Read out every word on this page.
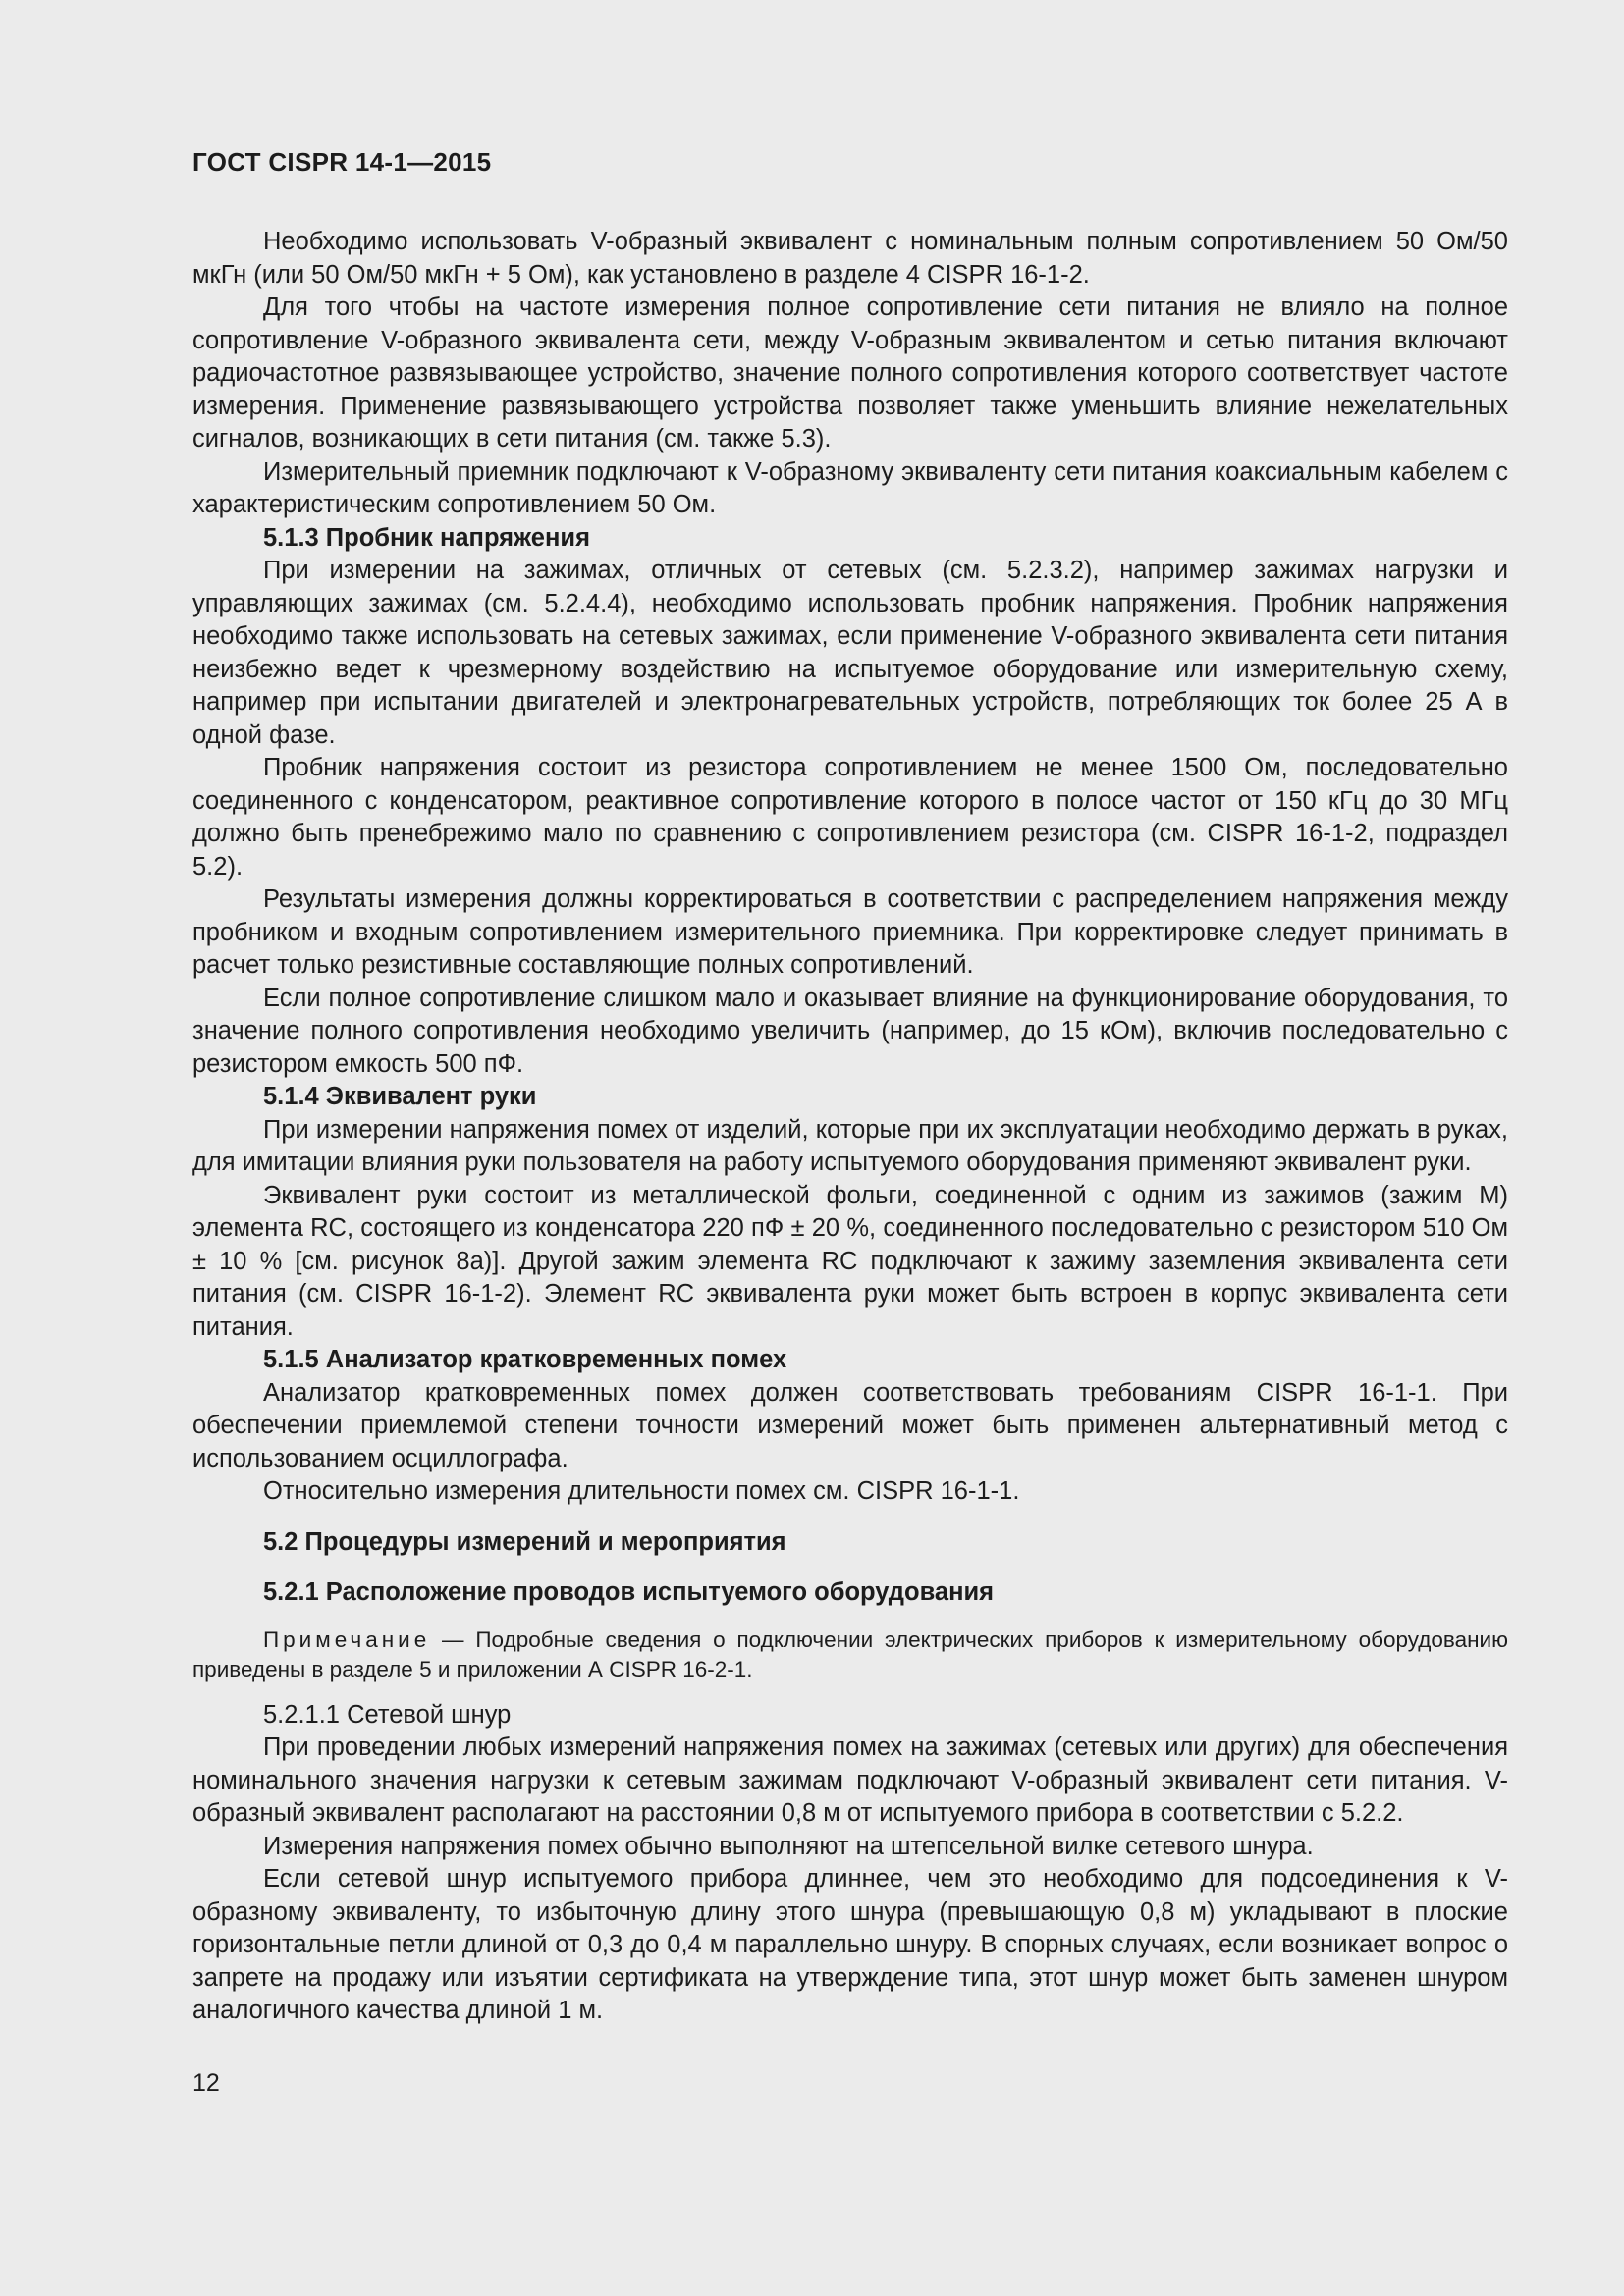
ГОСТ CISPR 14-1—2015

Необходимо использовать V-образный эквивалент с номинальным полным сопротивлением 50 Ом/50 мкГн (или 50 Ом/50 мкГн + 5 Ом), как установлено в разделе 4 CISPR 16-1-2.

Для того чтобы на частоте измерения полное сопротивление сети питания не влияло на полное сопротивление V-образного эквивалента сети, между V-образным эквивалентом и сетью питания включают радиочастотное развязывающее устройство, значение полного сопротивления которого соответствует частоте измерения. Применение развязывающего устройства позволяет также уменьшить влияние нежелательных сигналов, возникающих в сети питания (см. также 5.3).

Измерительный приемник подключают к V-образному эквиваленту сети питания коаксиальным кабелем с характеристическим сопротивлением 50 Ом.

5.1.3 Пробник напряжения

При измерении на зажимах, отличных от сетевых (см. 5.2.3.2), например зажимах нагрузки и управляющих зажимах (см. 5.2.4.4), необходимо использовать пробник напряжения. Пробник напряжения необходимо также использовать на сетевых зажимах, если применение V-образного эквивалента сети питания неизбежно ведет к чрезмерному воздействию на испытуемое оборудование или измерительную схему, например при испытании двигателей и электронагревательных устройств, потребляющих ток более 25 А в одной фазе.

Пробник напряжения состоит из резистора сопротивлением не менее 1500 Ом, последовательно соединенного с конденсатором, реактивное сопротивление которого в полосе частот от 150 кГц до 30 МГц должно быть пренебрежимо мало по сравнению с сопротивлением резистора (см. CISPR 16-1-2, подраздел 5.2).

Результаты измерения должны корректироваться в соответствии с распределением напряжения между пробником и входным сопротивлением измерительного приемника. При корректировке следует принимать в расчет только резистивные составляющие полных сопротивлений.

Если полное сопротивление слишком мало и оказывает влияние на функционирование оборудования, то значение полного сопротивления необходимо увеличить (например, до 15 кОм), включив последовательно с резистором емкость 500 пФ.

5.1.4 Эквивалент руки

При измерении напряжения помех от изделий, которые при их эксплуатации необходимо держать в руках, для имитации влияния руки пользователя на работу испытуемого оборудования применяют эквивалент руки.

Эквивалент руки состоит из металлической фольги, соединенной с одним из зажимов (зажим M) элемента RC, состоящего из конденсатора 220 пФ ± 20 %, соединенного последовательно с резистором 510 Ом ± 10 % [см. рисунок 8а)]. Другой зажим элемента RC подключают к зажиму заземления эквивалента сети питания (см. CISPR 16-1-2). Элемент RC эквивалента руки может быть встроен в корпус эквивалента сети питания.

5.1.5 Анализатор кратковременных помех

Анализатор кратковременных помех должен соответствовать требованиям CISPR 16-1-1. При обеспечении приемлемой степени точности измерений может быть применен альтернативный метод с использованием осциллографа.

Относительно измерения длительности помех см. CISPR 16-1-1.

5.2 Процедуры измерений и мероприятия
5.2.1 Расположение проводов испытуемого оборудования

Примечание — Подробные сведения о подключении электрических приборов к измерительному оборудованию приведены в разделе 5 и приложении А CISPR 16-2-1.

5.2.1.1 Сетевой шнур

При проведении любых измерений напряжения помех на зажимах (сетевых или других) для обеспечения номинального значения нагрузки к сетевым зажимам подключают V-образный эквивалент сети питания. V-образный эквивалент располагают на расстоянии 0,8 м от испытуемого прибора в соответствии с 5.2.2.

Измерения напряжения помех обычно выполняют на штепсельной вилке сетевого шнура.

Если сетевой шнур испытуемого прибора длиннее, чем это необходимо для подсоединения к V-образному эквиваленту, то избыточную длину этого шнура (превышающую 0,8 м) укладывают в плоские горизонтальные петли длиной от 0,3 до 0,4 м параллельно шнуру. В спорных случаях, если возникает вопрос о запрете на продажу или изъятии сертификата на утверждение типа, этот шнур может быть заменен шнуром аналогичного качества длиной 1 м.

12
